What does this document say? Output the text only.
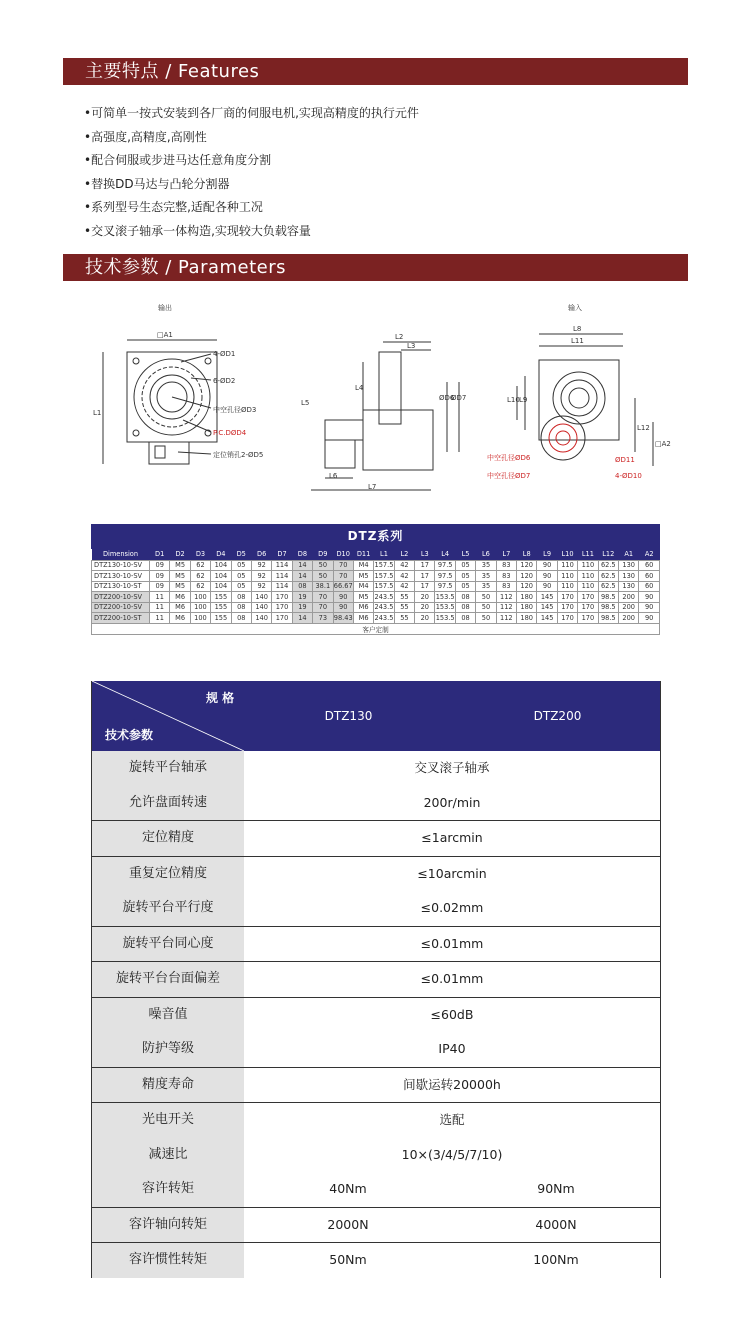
主要特点 / Features
•可简单一按式安装到各厂商的伺服电机,实现高精度的执行元件
•高强度,高精度,高刚性
•配合伺服或步进马达任意角度分割
•替换DD马达与凸轮分割器
•系列型号生态完整,适配各种工况
•交叉滚子轴承一体构造,实现较大负载容量
技术参数 / Parameters
输出	输入
□A1
L1
4-ØD1
6-ØD2
中空孔径ØD3
P.C.DØD4
定位销孔2-ØD5
L2
L3
L4
L5
L6
L7
ØD6
ØD7
L8
L11
L9
L10
L12
□A2
ØD11
4-ØD10
中空孔径ØD6
中空孔径ØD7
DTZ系列
Dimension	D1	D2	D3	D4	D5	D6	D7	D8	D9	D10	D11	L1	L2	L3	L4	L5	L6	L7	L8	L9	L10	L11	L12	A1	A2
DTZ130-10-SV	09	M5	62	104	05	92	114	14	50	70	M4	157.5	42	17	97.5	05	35	83	120	90	110	110	62.5	130	60
DTZ130-10-SV	09	M5	62	104	05	92	114	14	50	70	M5	157.5	42	17	97.5	05	35	83	120	90	110	110	62.5	130	60
DTZ130-10-ST	09	M5	62	104	05	92	114	08	38.1	66.67	M4	157.5	42	17	97.5	05	35	83	120	90	110	110	62.5	130	60
DTZ200-10-SV	11	M6	100	155	08	140	170	19	70	90	M5	243.5	55	20	153.5	08	50	112	180	145	170	170	98.5	200	90
DTZ200-10-SV	11	M6	100	155	08	140	170	19	70	90	M6	243.5	55	20	153.5	08	50	112	180	145	170	170	98.5	200	90
DTZ200-10-ST	11	M6	100	155	08	140	170	14	73	98.43	M6	243.5	55	20	153.5	08	50	112	180	145	170	170	98.5	200	90
客户定制																									
规 格
技术参数
DTZ130	DTZ200
旋转平台轴承	交叉滚子轴承
允许盘面转速	200r/min
定位精度	≤1arcmin
重复定位精度	≤10arcmin
旋转平台平行度	≤0.02mm
旋转平台同心度	≤0.01mm
旋转平台台面偏差	≤0.01mm
噪音值	≤60dB
防护等级	IP40
精度寿命	间歇运转20000h
光电开关	选配
减速比	10×(3/4/5/7/10)
容许转矩	40Nm	90Nm
容许轴向转矩	2000N	4000N
容许惯性转矩	50Nm	100Nm
